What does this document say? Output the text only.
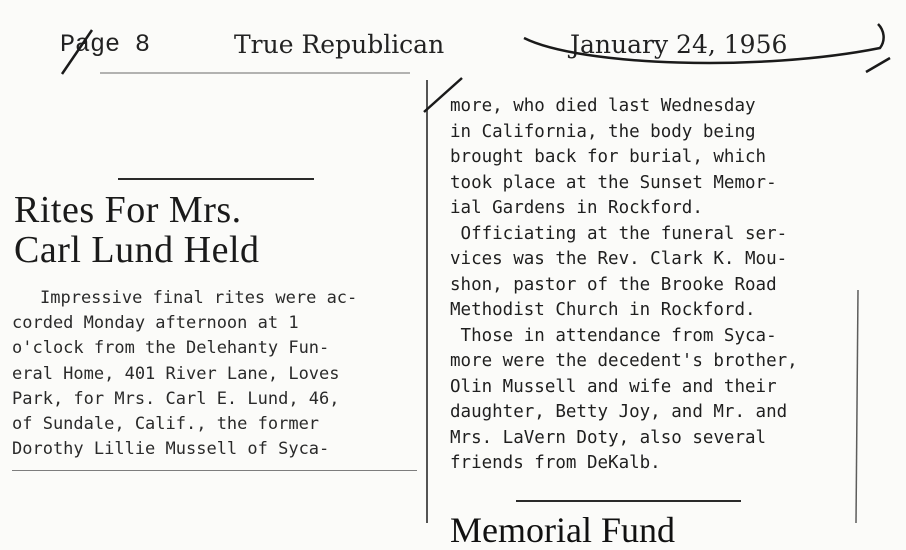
Page 8	True Republican	January 24, 1956
Rites For Mrs.
Carl Lund Held
Impressive final rites were ac-
corded Monday afternoon at 1
o'clock from the Delehanty Fun-
eral Home, 401 River Lane, Loves
Park, for Mrs. Carl E. Lund, 46,
of Sundale, Calif., the former
Dorothy Lillie Mussell of Syca-
more, who died last Wednesday
in California, the body being
brought back for burial, which
took place at the Sunset Memor-
ial Gardens in Rockford.
Officiating at the funeral ser-
vices was the Rev. Clark K. Mou-
shon, pastor of the Brooke Road
Methodist Church in Rockford.
Those in attendance from Syca-
more were the decedent's brother,
Olin Mussell and wife and their
daughter, Betty Joy, and Mr. and
Mrs. LaVern Doty, also several
friends from DeKalb.
Memorial Fund
